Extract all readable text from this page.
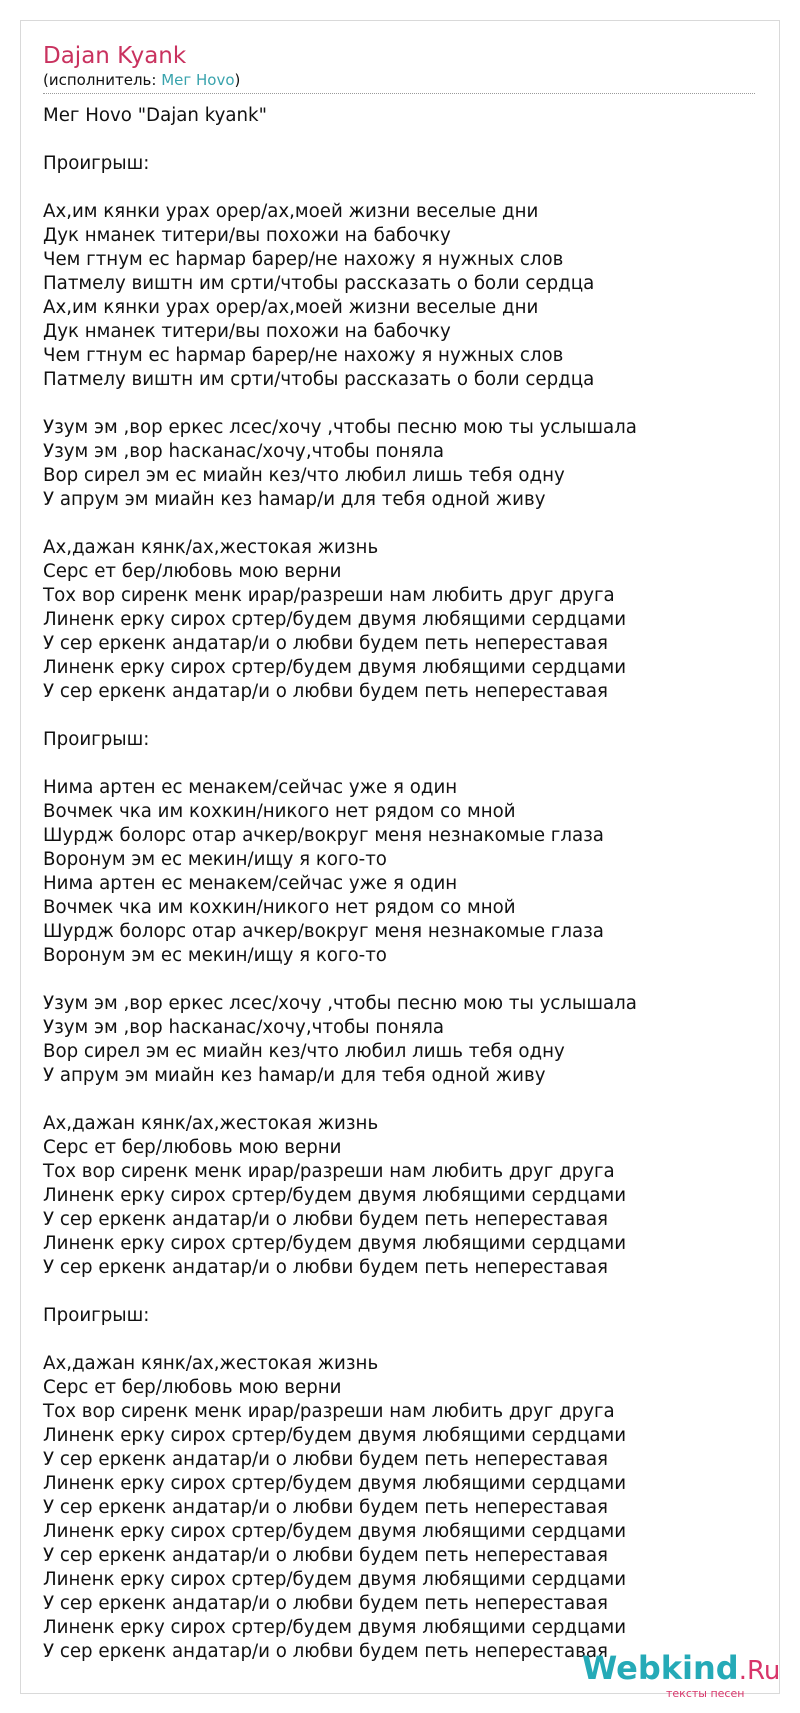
Dajan Kyank
(исполнитель: Mег Hovo)
Mег Hovo "Dajan kyank"
Проигрыш:
Ах,им кянки урах орер/ах,моей жизни веселые дни
Дук нманек титери/вы похожи на бабочку
Чем гтнум ес hармар барер/не нахожу я нужных слов
Патмелу виштн им срти/чтобы рассказать о боли сердца
Ах,им кянки урах орер/ах,моей жизни веселые дни
Дук нманек титери/вы похожи на бабочку
Чем гтнум ес hармар барер/не нахожу я нужных слов
Патмелу виштн им срти/чтобы рассказать о боли сердца
Узум эм ,вор еркес лсес/хочу ,чтобы песню мою ты услышала
Узум эм ,вор hасканас/хочу,чтобы поняла
Вор сирел эм ес миайн кез/что любил лишь тебя одну
У апрум эм миайн кез hамар/и для тебя одной живу
Ах,дажан кянк/ах,жестокая жизнь
Серс ет бер/любовь мою верни
Тох вор сиренк менк ирар/разреши нам любить друг друга
Линенк ерку сирох сртер/будем двумя любящими сердцами
У сер еркенк андатар/и о любви будем петь непереставая
Линенк ерку сирох сртер/будем двумя любящими сердцами
У сер еркенк андатар/и о любви будем петь непереставая
Проигрыш:
Нима артен ес менакем/сейчас уже я один
Вочмек чка им кохкин/никого нет рядом со мной
Шурдж болорс отар ачкер/вокруг меня незнакомые глаза
Воронум эм ес мекин/ищу я кого-то
Нима артен ес менакем/сейчас уже я один
Вочмек чка им кохкин/никого нет рядом со мной
Шурдж болорс отар ачкер/вокруг меня незнакомые глаза
Воронум эм ес мекин/ищу я кого-то
Узум эм ,вор еркес лсес/хочу ,чтобы песню мою ты услышала
Узум эм ,вор hасканас/хочу,чтобы поняла
Вор сирел эм ес миайн кез/что любил лишь тебя одну
У апрум эм миайн кез hамар/и для тебя одной живу
Ах,дажан кянк/ах,жестокая жизнь
Серс ет бер/любовь мою верни
Тох вор сиренк менк ирар/разреши нам любить друг друга
Линенк ерку сирох сртер/будем двумя любящими сердцами
У сер еркенк андатар/и о любви будем петь непереставая
Линенк ерку сирох сртер/будем двумя любящими сердцами
У сер еркенк андатар/и о любви будем петь непереставая
Проигрыш:
Ах,дажан кянк/ах,жестокая жизнь
Серс ет бер/любовь мою верни
Тох вор сиренк менк ирар/разреши нам любить друг друга
Линенк ерку сирох сртер/будем двумя любящими сердцами
У сер еркенк андатар/и о любви будем петь непереставая
Линенк ерку сирох сртер/будем двумя любящими сердцами
У сер еркенк андатар/и о любви будем петь непереставая
Линенк ерку сирох сртер/будем двумя любящими сердцами
У сер еркенк андатар/и о любви будем петь непереставая
Линенк ерку сирох сртер/будем двумя любящими сердцами
У сер еркенк андатар/и о любви будем петь непереставая
Линенк ерку сирох сртер/будем двумя любящими сердцами
У сер еркенк андатар/и о любви будем петь непереставая
Webkind.Ru
тексты песен
